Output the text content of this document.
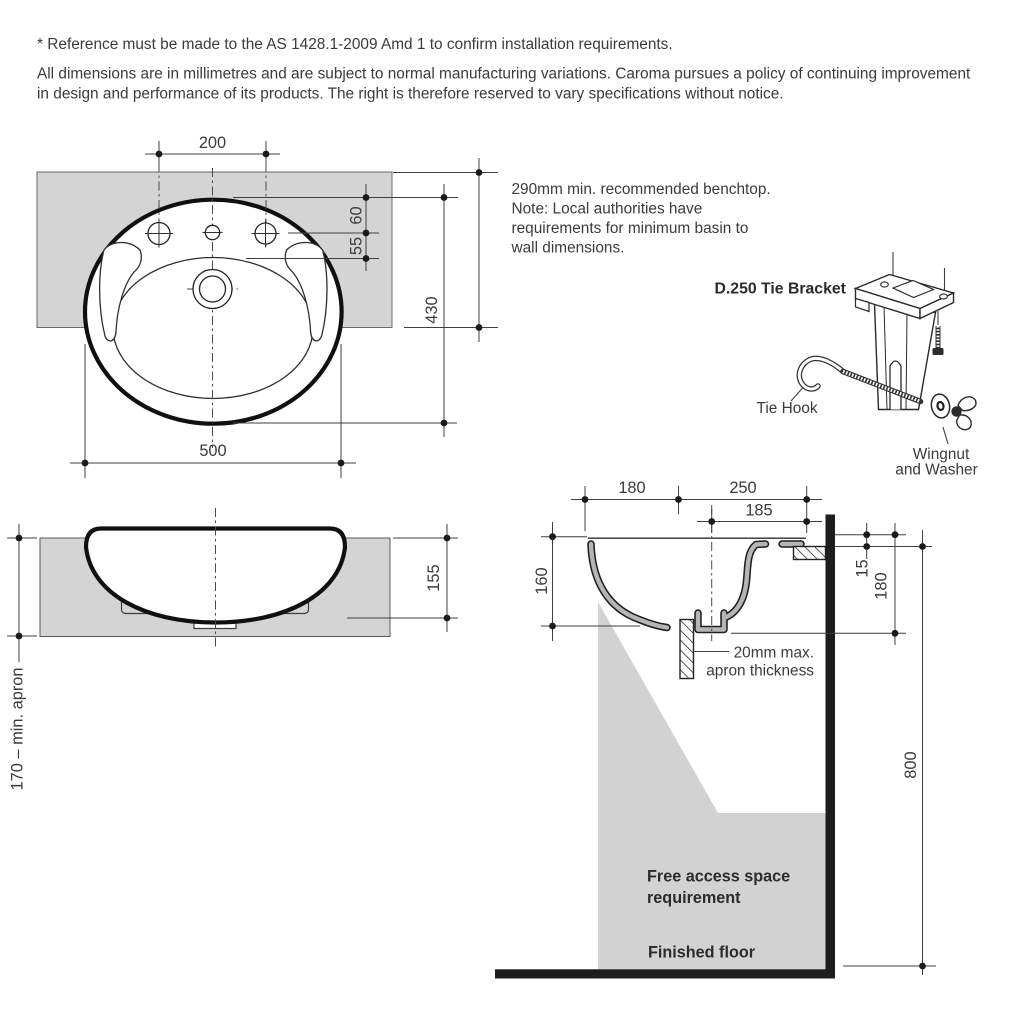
* Reference must be made to the AS 1428.1-2009 Amd 1 to confirm installation requirements.
All dimensions are in millimetres and are subject to normal manufacturing variations. Caroma pursues a policy of continuing improvement
in design and performance of its products. The right is therefore reserved to vary specifications without notice.
200
60
55
430
500
290mm min. recommended benchtop.
Note: Local authorities have
requirements for minimum basin to
wall dimensions.
D.250 Tie Bracket
Tie Hook
Wingnut
and Washer
155
170 – min. apron
180	250
185
160	15
180
800
20mm max.
apron thickness
Free access space
requirement
Finished floor
